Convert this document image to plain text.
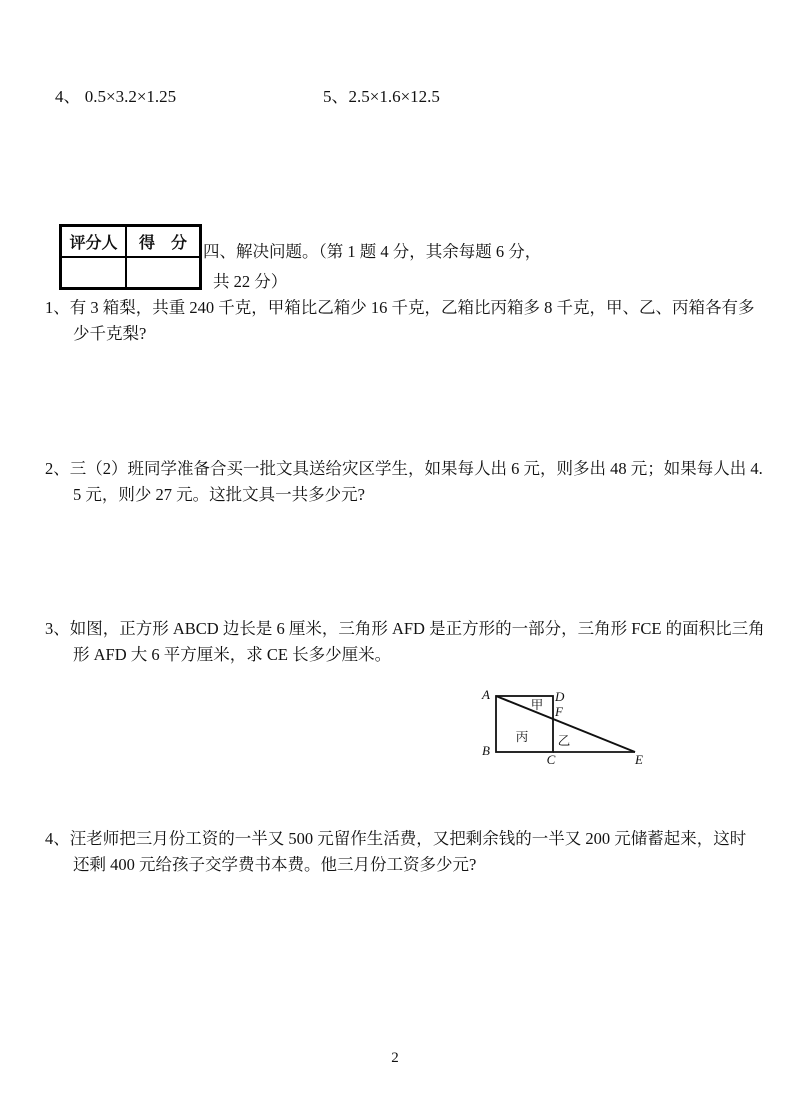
4、 0.5×3.2×1.25	5、2.5×1.6×12.5
评分人	得　分
	四、解决问题。（第 1 题 4 分，其余每题 6 分，
共 22 分）
1、有 3 箱梨，共重 240 千克，甲箱比乙箱少 16 千克，乙箱比丙箱多 8 千克，甲、乙、丙箱各有多
少千克梨?
2、三（2）班同学准备合买一批文具送给灾区学生，如果每人出 6 元，则多出 48 元；如果每人出 4.
5 元，则少 27 元。这批文具一共多少元?
3、如图，正方形 ABCD 边长是 6 厘米，三角形 AFD 是正方形的一部分，三角形 FCE 的面积比三角
形 AFD 大 6 平方厘米，求 CE 长多少厘米。
A	D
F
B
C	E
甲
丙 乙
4、汪老师把三月份工资的一半又 500 元留作生活费，又把剩余钱的一半又 200 元储蓄起来，这时
还剩 400 元给孩子交学费书本费。他三月份工资多少元?
2
